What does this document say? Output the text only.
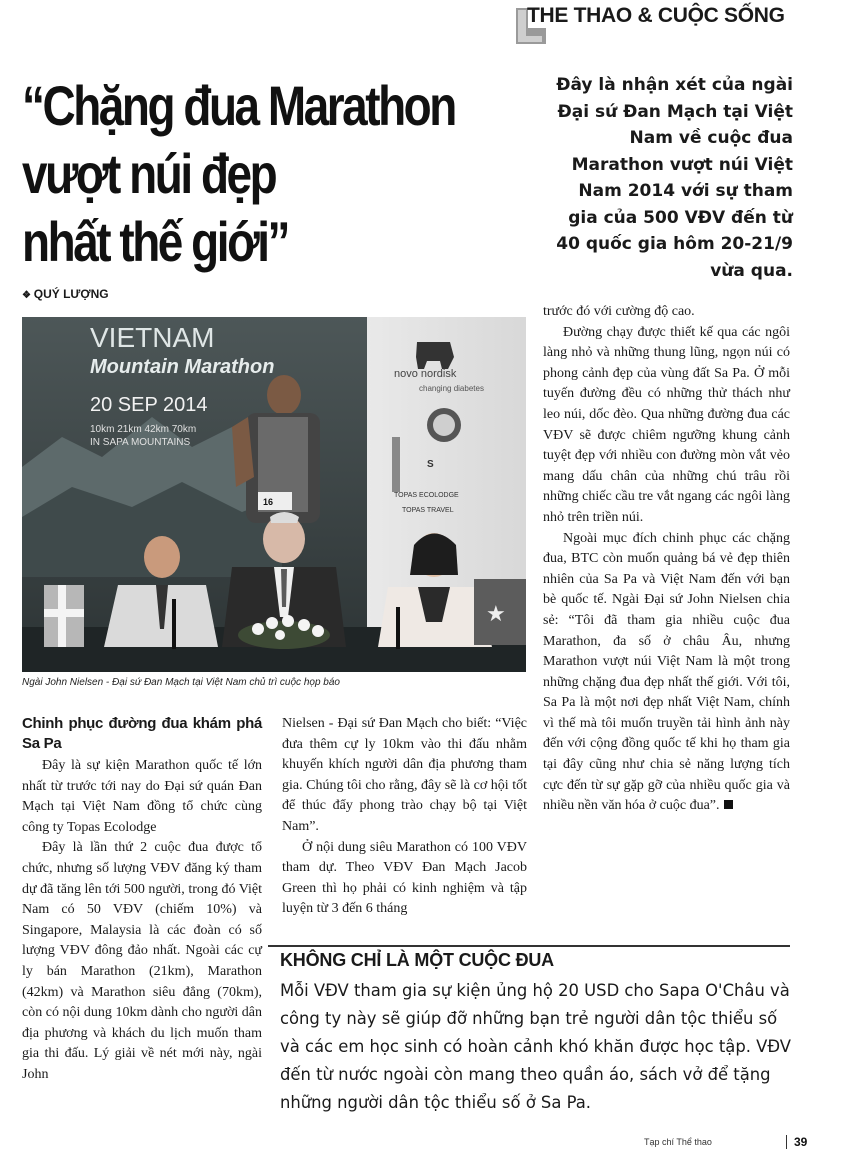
THE THAO & CUỘC SỐNG
“Chặng đua Marathon
vượt núi đẹp
nhất thế giới”
Đây là nhận xét của ngài Đại sứ Đan Mạch tại Việt Nam về cuộc đua Marathon vượt núi Việt Nam 2014 với sự tham gia của 500 VĐV đến từ 40 quốc gia hôm 20-21/9 vừa qua.
❖ QUÝ LƯỢNG
VIETNAM
Mountain Marathon
20 SEP 2014
10km 21km 42km 70km
IN SAPA MOUNTAINS
novo nordisk
changing diabetes
S
TOPAS ECOLODGE
TOPAS TRAVEL
16
★
Ngài John Nielsen - Đại sứ Đan Mạch tại Việt Nam chủ trì cuộc họp báo

Chinh phục đường đua khám phá Sa Pa

Đây là sự kiện Marathon quốc tế lớn nhất từ trước tới nay do Đại sứ quán Đan Mạch tại Việt Nam đồng tổ chức cùng công ty Topas Ecolodge

Đây là lần thứ 2 cuộc đua được tổ chức, nhưng số lượng VĐV đăng ký tham dự đã tăng lên tới 500 người, trong đó Việt Nam có 50 VĐV (chiếm 10%) và Singapore, Malaysia là các đoàn có số lượng VĐV đông đảo nhất. Ngoài các cự ly bán Marathon (21km), Marathon (42km) và Marathon siêu đẳng (70km), còn có nội dung 10km dành cho người dân địa phương và khách du lịch muốn tham gia thi đấu. Lý giải về nét mới này, ngài John

Nielsen - Đại sứ Đan Mạch cho biết: “Việc đưa thêm cự ly 10km vào thi đấu nhằm khuyến khích người dân địa phương tham gia. Chúng tôi cho rằng, đây sẽ là cơ hội tốt để thúc đẩy phong trào chạy bộ tại Việt Nam”.

Ở nội dung siêu Marathon có 100 VĐV tham dự. Theo VĐV Đan Mạch Jacob Green thì họ phải có kinh nghiệm và tập luyện từ 3 đến 6 tháng

trước đó với cường độ cao.

Đường chạy được thiết kế qua các ngôi làng nhỏ và những thung lũng, ngọn núi có phong cảnh đẹp của vùng đất Sa Pa. Ở mỗi tuyến đường đều có những thử thách như leo núi, dốc đèo. Qua những đường đua các VĐV sẽ được chiêm ngưỡng khung cảnh tuyệt đẹp với nhiều con đường mòn vắt vẻo mang dấu chân của những chú trâu rồi những chiếc cầu tre vắt ngang các ngôi làng nhỏ trên triền núi.

Ngoài mục đích chinh phục các chặng đua, BTC còn muốn quảng bá vẻ đẹp thiên nhiên của Sa Pa và Việt Nam đến với bạn bè quốc tế. Ngài Đại sứ John Nielsen chia sẻ: “Tôi đã tham gia nhiều cuộc đua Marathon, đa số ở châu Âu, nhưng Marathon vượt núi Việt Nam là một trong những chặng đua đẹp nhất thế giới. Với tôi, Sa Pa là một nơi đẹp nhất Việt Nam, chính vì thế mà tôi muốn truyền tải hình ảnh này đến với cộng đồng quốc tế khi họ tham gia tại đây cũng như chia sẻ năng lượng tích cực đến từ sự gặp gỡ của nhiều quốc gia và nhiều nền văn hóa ở cuộc đua”.

KHÔNG CHỈ LÀ MỘT CUỘC ĐUA

Mỗi VĐV tham gia sự kiện ủng hộ 20 USD cho Sapa O'Châu và công ty này sẽ giúp đỡ những bạn trẻ người dân tộc thiểu số và các em học sinh có hoàn cảnh khó khăn được học tập. VĐV đến từ nước ngoài còn mang theo quần áo, sách vở để tặng những người dân tộc thiểu số ở Sa Pa.

Tạp chí Thể thao	39
